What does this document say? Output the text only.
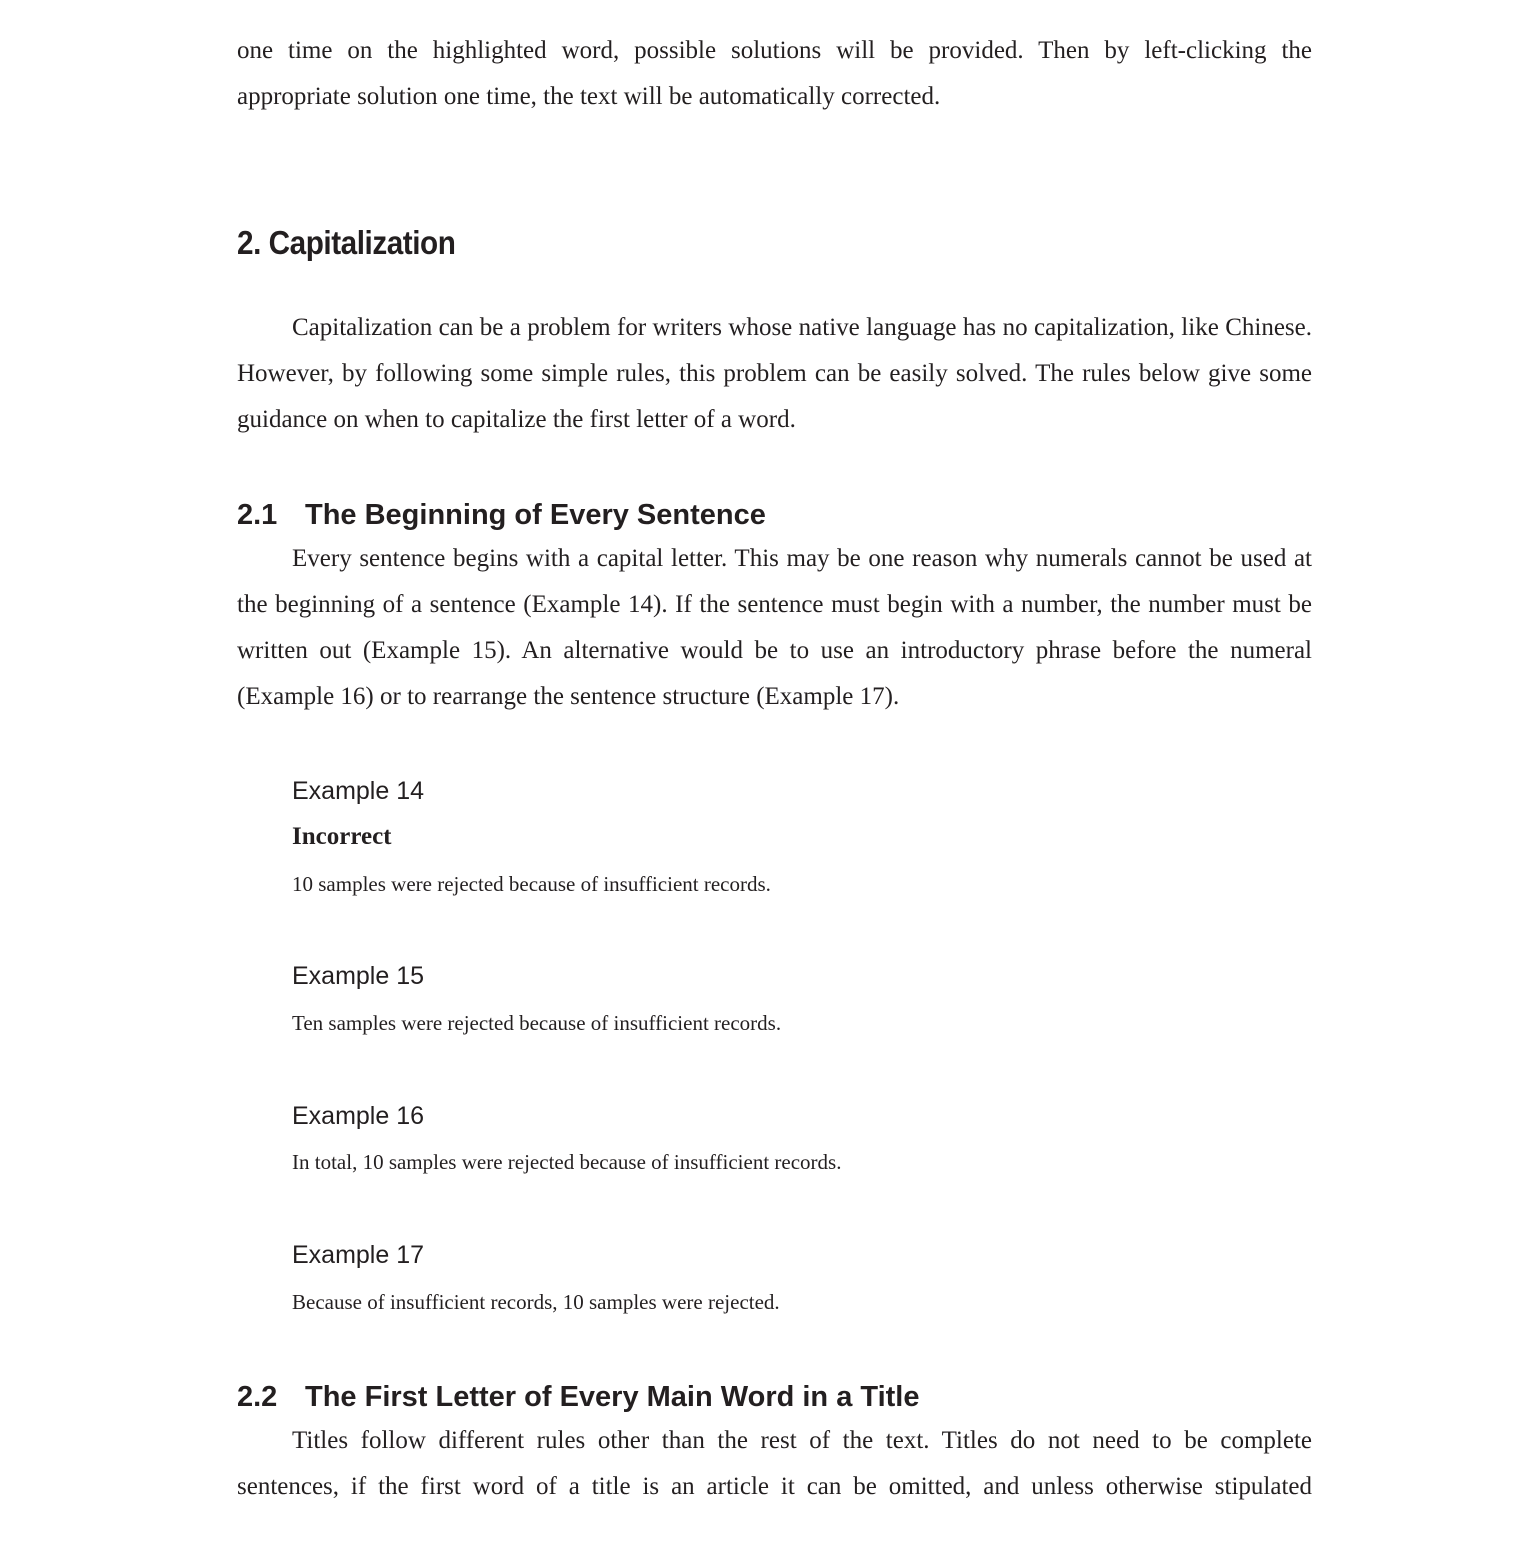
one time on the highlighted word, possible solutions will be provided. Then by left-clicking the

appropriate solution one time, the text will be automatically corrected.

2. Capitalization

Capitalization can be a problem for writers whose native language has no capitalization, like Chinese. However, by following some simple rules, this problem can be easily solved. The rules below give some guidance on when to capitalize the first letter of a word.

2.1 The Beginning of Every Sentence

Every sentence begins with a capital letter. This may be one reason why numerals cannot be used at the beginning of a sentence (Example 14). If the sentence must begin with a number, the number must be written out (Example 15). An alternative would be to use an introductory phrase before the numeral (Example 16) or to rearrange the sentence structure (Example 17).

Example 14

Incorrect

10 samples were rejected because of insufficient records.

Example 15

Ten samples were rejected because of insufficient records.

Example 16

In total, 10 samples were rejected because of insufficient records.

Example 17

Because of insufficient records, 10 samples were rejected.

2.2 The First Letter of Every Main Word in a Title

Titles follow different rules other than the rest of the text. Titles do not need to be complete sentences, if the first word of a title is an article it can be omitted, and unless otherwise stipulated
